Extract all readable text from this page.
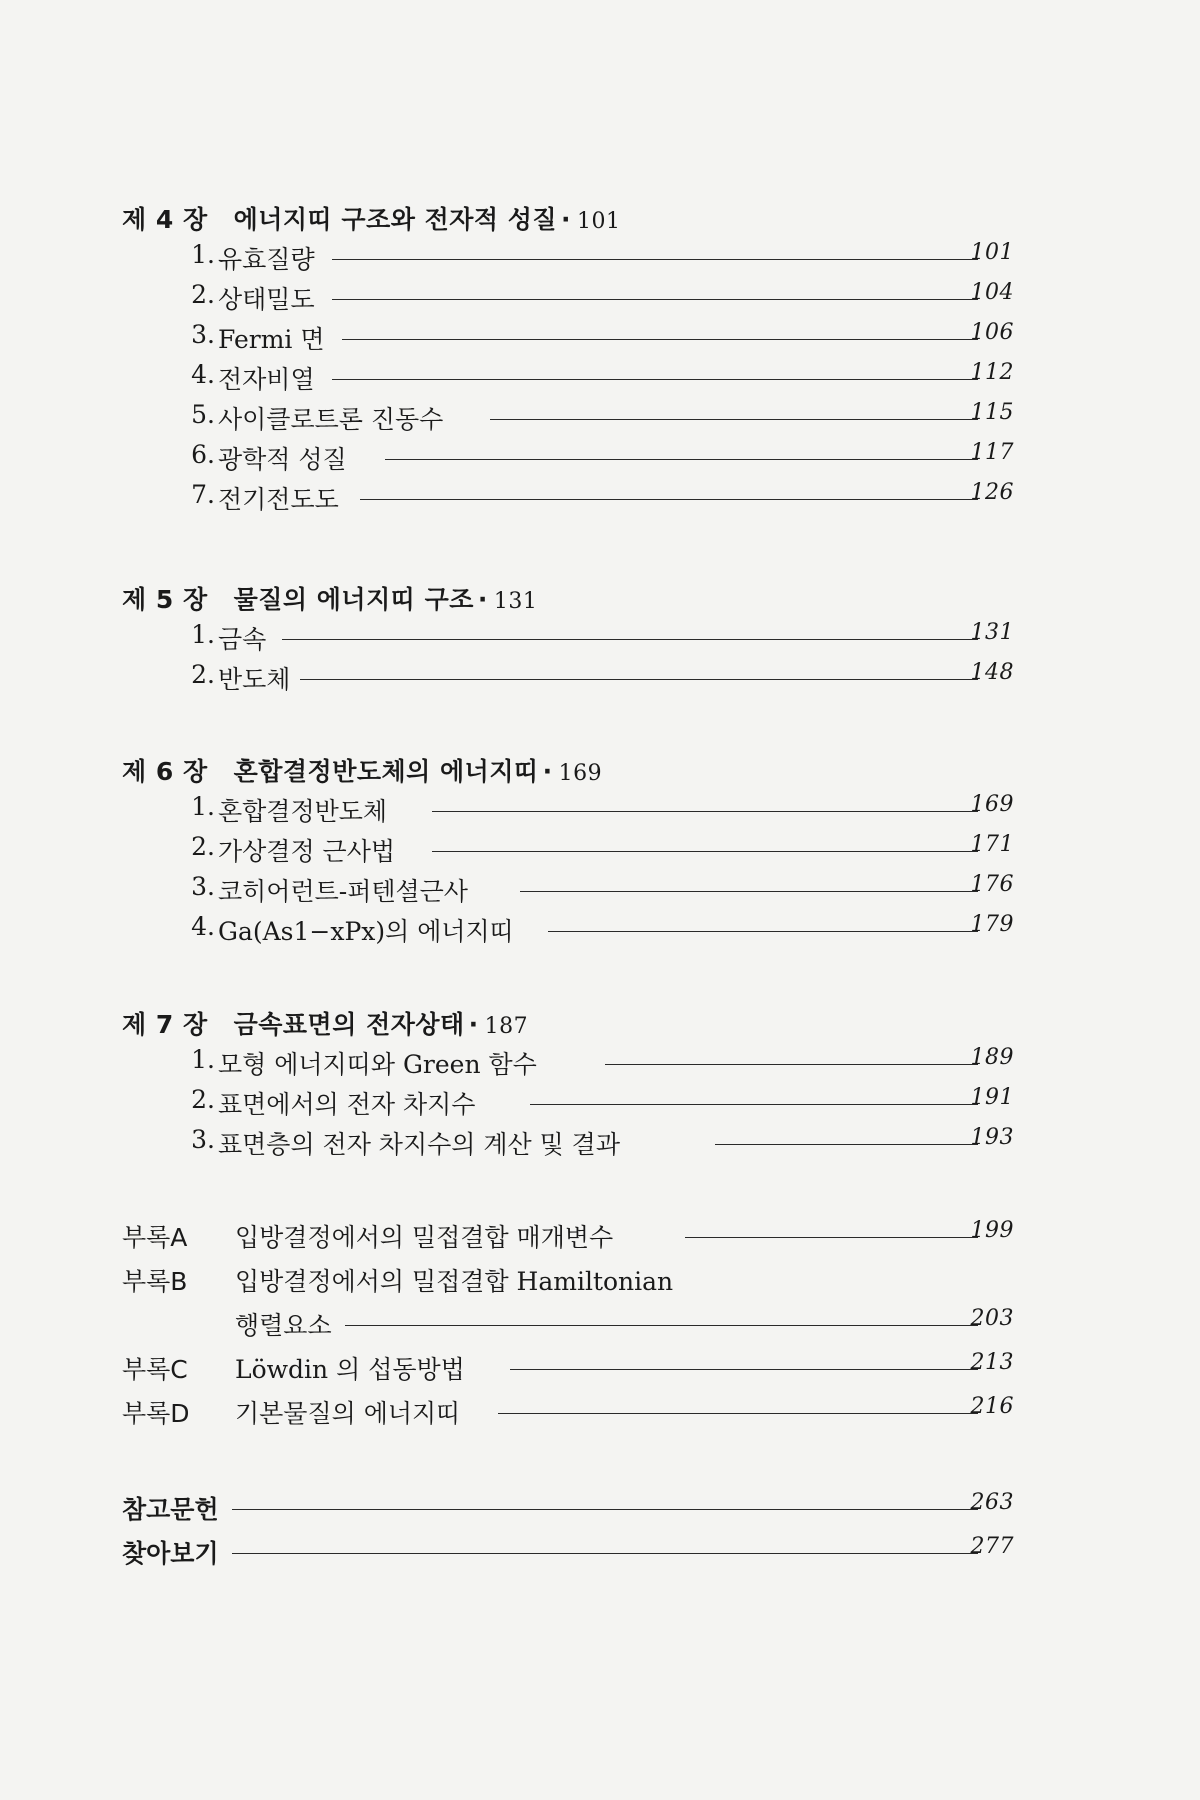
제 4 장 에너지띠 구조와 전자적 성질 · 101
1. 유효질량	101
2. 상태밀도	104
3. Fermi 면	106
4. 전자비열	112
5. 사이클로트론 진동수	115
6. 광학적 성질	117
7. 전기전도도	126
제 5 장 물질의 에너지띠 구조 · 131
1. 금속	131
2. 반도체	148
제 6 장 혼합결정반도체의 에너지띠 · 169
1. 혼합결정반도체	169
2. 가상결정 근사법	171
3. 코히어런트-퍼텐셜근사	176
4. Ga(As1−xPx)의 에너지띠	179
제 7 장 금속표면의 전자상태 · 187
1. 모형 에너지띠와 Green 함수	189
2. 표면에서의 전자 차지수	191
3. 표면층의 전자 차지수의 계산 및 결과	193
부록A 입방결정에서의 밀접결합 매개변수	199
부록B 입방결정에서의 밀접결합 Hamiltonian
행렬요소	203
부록C Löwdin 의 섭동방법	213
부록D 기본물질의 에너지띠	216
참고문헌	263
찾아보기	277
